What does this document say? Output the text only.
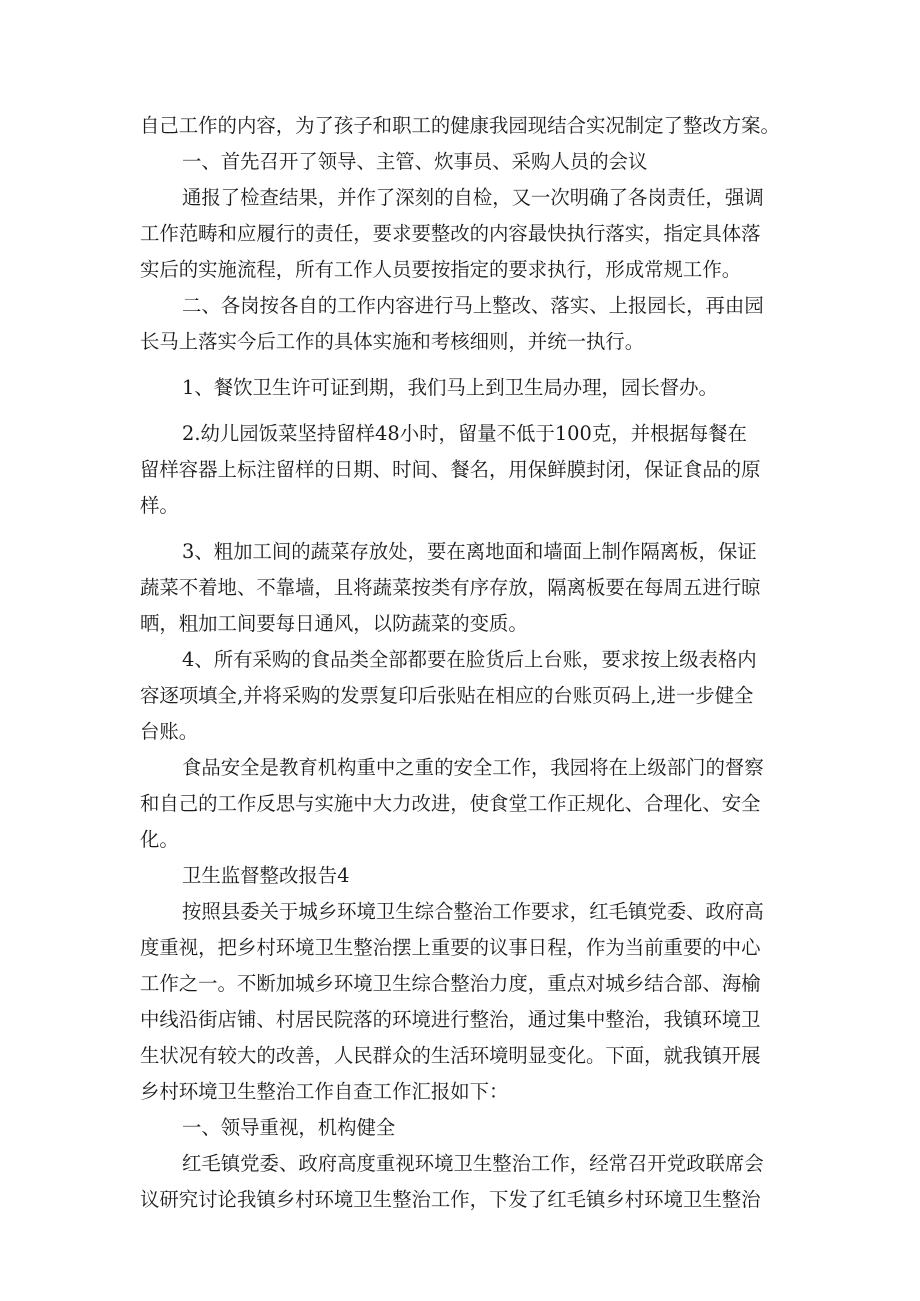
自己工作的内容，为了孩子和职工的健康我园现结合实况制定了整改方案。
一、首先召开了领导、主管、炊事员、采购人员的会议
通报了检查结果，并作了深刻的自检，又一次明确了各岗责任，强调
工作范畴和应履行的责任，要求要整改的内容最快执行落实，指定具体落
实后的实施流程，所有工作人员要按指定的要求执行，形成常规工作。
二、各岗按各自的工作内容进行马上整改、落实、上报园长，再由园
长马上落实今后工作的具体实施和考核细则，并统一执行。
1、餐饮卫生许可证到期，我们马上到卫生局办理，园长督办。
2.幼儿园饭菜坚持留样48小时，留量不低于100克，并根据每餐在
留样容器上标注留样的日期、时间、餐名，用保鲜膜封闭，保证食品的原
样。
3、粗加工间的蔬菜存放处，要在离地面和墙面上制作隔离板，保证
蔬菜不着地、不靠墙，且将蔬菜按类有序存放，隔离板要在每周五进行晾
晒，粗加工间要每日通风，以防蔬菜的变质。
4、所有采购的食品类全部都要在脸货后上台账，要求按上级表格内
容逐项填全,并将采购的发票复印后张贴在相应的台账页码上,进一步健全
台账。
食品安全是教育机构重中之重的安全工作，我园将在上级部门的督察
和自己的工作反思与实施中大力改进，使食堂工作正规化、合理化、安全
化。
卫生监督整改报告4
按照县委关于城乡环境卫生综合整治工作要求，红毛镇党委、政府高
度重视，把乡村环境卫生整治摆上重要的议事日程，作为当前重要的中心
工作之一。不断加城乡环境卫生综合整治力度，重点对城乡结合部、海榆
中线沿街店铺、村居民院落的环境进行整治，通过集中整治，我镇环境卫
生状况有较大的改善，人民群众的生活环境明显变化。下面，就我镇开展
乡村环境卫生整治工作自查工作汇报如下：
一、领导重视，机构健全
红毛镇党委、政府高度重视环境卫生整治工作，经常召开党政联席会
议研究讨论我镇乡村环境卫生整治工作，下发了红毛镇乡村环境卫生整治
